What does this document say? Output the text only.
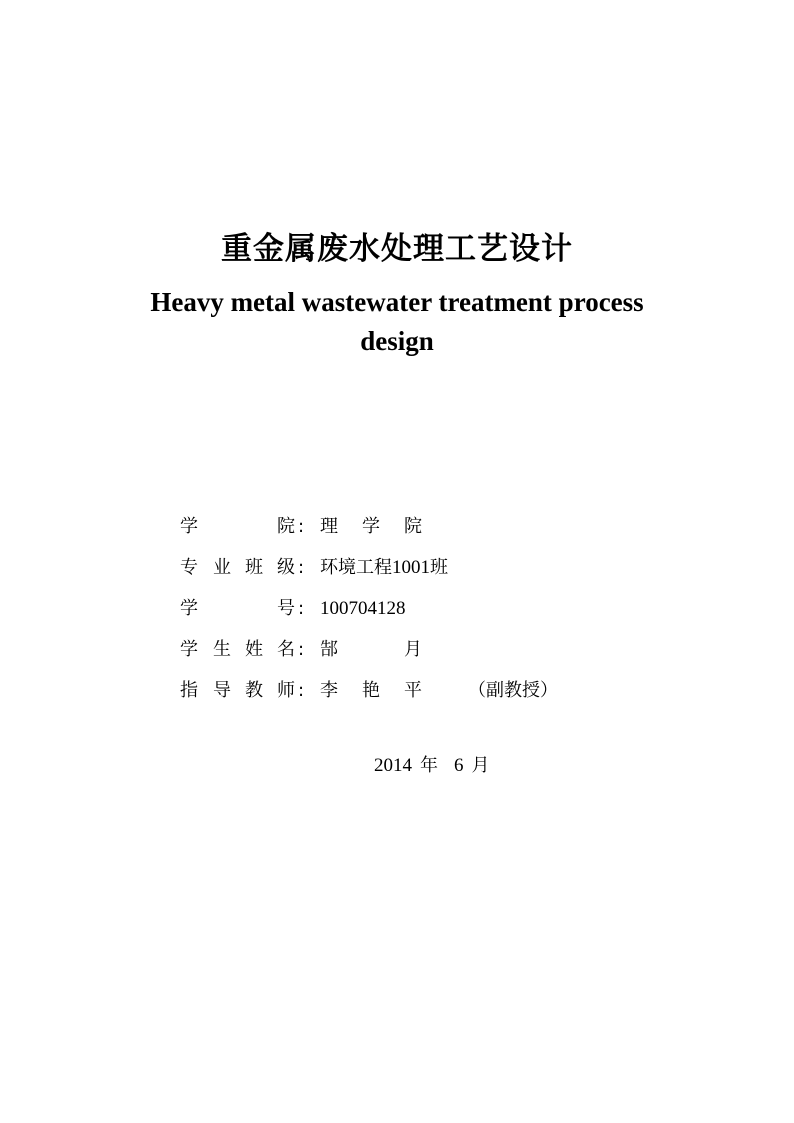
重金属废水处理工艺设计
Heavy metal wastewater treatment process
design
学	院 : 理 学 院
专 业 班 级 : 环境工程1001班
学	号 : 100704128
学 生 姓 名 : 郜	月
指 导 教 师 : 李 艳 平	（副教授）
2014 年 6 月
